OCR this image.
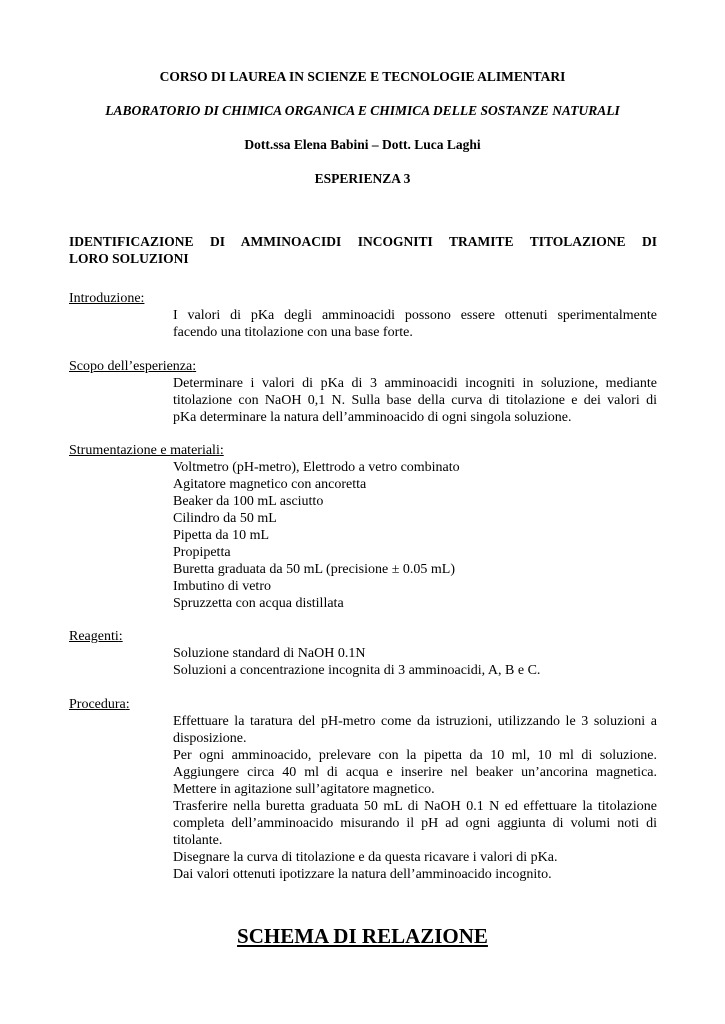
CORSO DI LAUREA IN SCIENZE E TECNOLOGIE ALIMENTARI
LABORATORIO DI CHIMICA ORGANICA E CHIMICA DELLE SOSTANZE NATURALI
Dott.ssa Elena Babini – Dott. Luca Laghi
ESPERIENZA 3
IDENTIFICAZIONE DI AMMINOACIDI INCOGNITI TRAMITE TITOLAZIONE DI
LORO SOLUZIONI
Introduzione:
I valori di pKa degli amminoacidi possono essere ottenuti sperimentalmente
facendo una titolazione con una base forte.
Scopo dell’esperienza:
Determinare i valori di pKa di 3 amminoacidi incogniti in soluzione, mediante
titolazione con NaOH 0,1 N. Sulla base della curva di titolazione e dei valori di
pKa determinare la natura dell’amminoacido di ogni singola soluzione.
Strumentazione e materiali:
Voltmetro (pH-metro), Elettrodo a vetro combinato
Agitatore magnetico con ancoretta
Beaker da 100 mL asciutto
Cilindro da 50 mL
Pipetta da 10 mL
Propipetta
Buretta graduata da 50 mL (precisione ± 0.05 mL)
Imbutino di vetro
Spruzzetta con acqua distillata
Reagenti:
Soluzione standard di NaOH 0.1N
Soluzioni a concentrazione incognita di 3 amminoacidi, A, B e C.
Procedura:
Effettuare la taratura del pH-metro come da istruzioni, utilizzando le 3 soluzioni a
disposizione.
Per ogni amminoacido, prelevare con la pipetta da 10 ml, 10 ml di soluzione.
Aggiungere circa 40 ml di acqua e inserire nel beaker un’ancorina magnetica.
Mettere in agitazione sull’agitatore magnetico.
Trasferire nella buretta graduata 50 mL di NaOH 0.1 N ed effettuare la titolazione
completa dell’amminoacido misurando il pH ad ogni aggiunta di volumi noti di
titolante.
Disegnare la curva di titolazione e da questa ricavare i valori di pKa.
Dai valori ottenuti ipotizzare la natura dell’amminoacido incognito.
SCHEMA DI RELAZIONE
